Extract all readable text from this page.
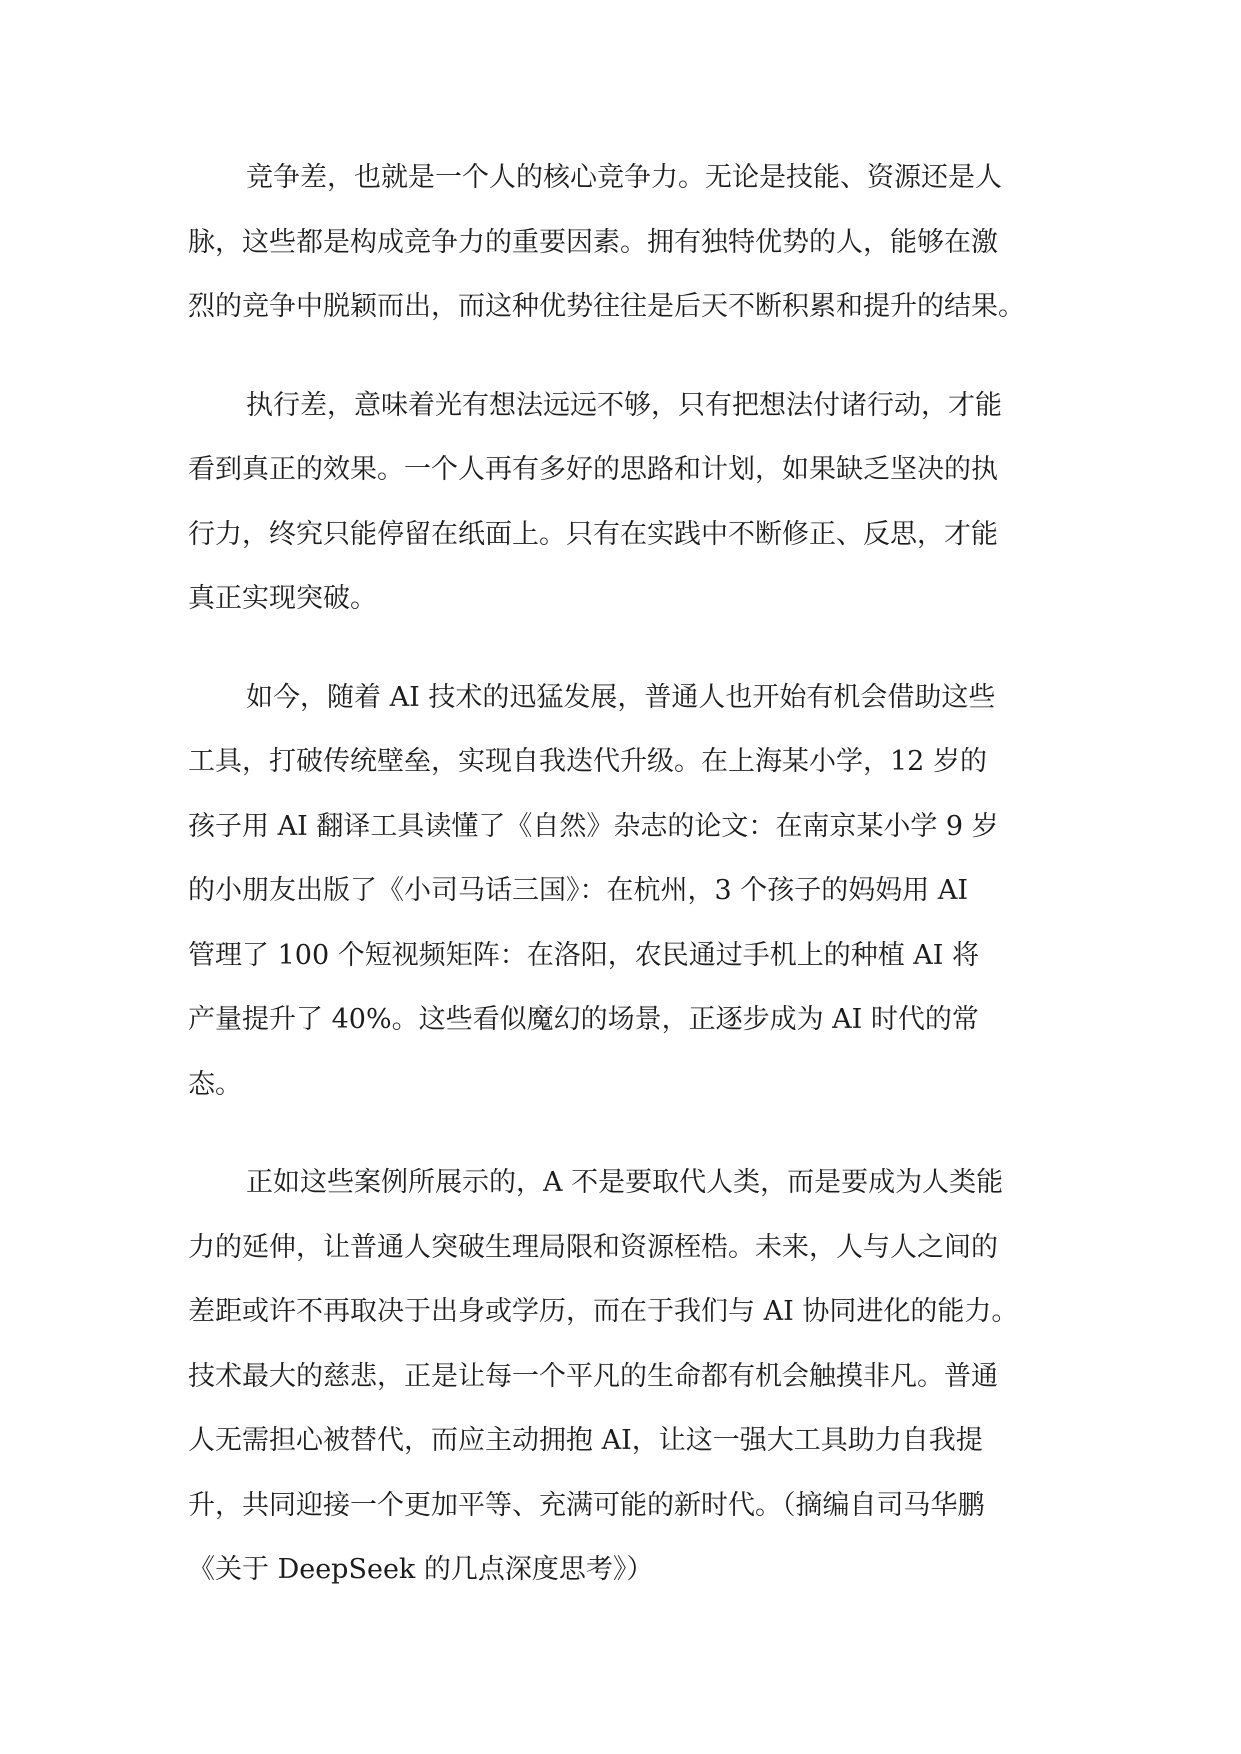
竞争差，也就是一个人的核心竞争力。无论是技能、资源还是人
脉，这些都是构成竞争力的重要因素。拥有独特优势的人，能够在激
烈的竞争中脱颖而出，而这种优势往往是后天不断积累和提升的结果。

执行差，意味着光有想法远远不够，只有把想法付诸行动，才能
看到真正的效果。一个人再有多好的思路和计划，如果缺乏坚决的执
行力，终究只能停留在纸面上。只有在实践中不断修正、反思，才能
真正实现突破。

如今，随着 AI 技术的迅猛发展，普通人也开始有机会借助这些
工具，打破传统壁垒，实现自我迭代升级。在上海某小学，12 岁的
孩子用 AI 翻译工具读懂了《自然》杂志的论文：在南京某小学 9 岁
的小朋友出版了《小司马话三国》：在杭州，3 个孩子的妈妈用 AI
管理了 100 个短视频矩阵：在洛阳，农民通过手机上的种植 AI 将
产量提升了 40%。这些看似魔幻的场景，正逐步成为 AI 时代的常
态。

正如这些案例所展示的，A 不是要取代人类，而是要成为人类能
力的延伸，让普通人突破生理局限和资源桎梏。未来，人与人之间的
差距或许不再取决于出身或学历，而在于我们与 AI 协同进化的能力。
技术最大的慈悲，正是让每一个平凡的生命都有机会触摸非凡。普通
人无需担心被替代，而应主动拥抱 AI，让这一强大工具助力自我提
升，共同迎接一个更加平等、充满可能的新时代。（摘编自司马华鹏
《关于 DeepSeek 的几点深度思考》）
